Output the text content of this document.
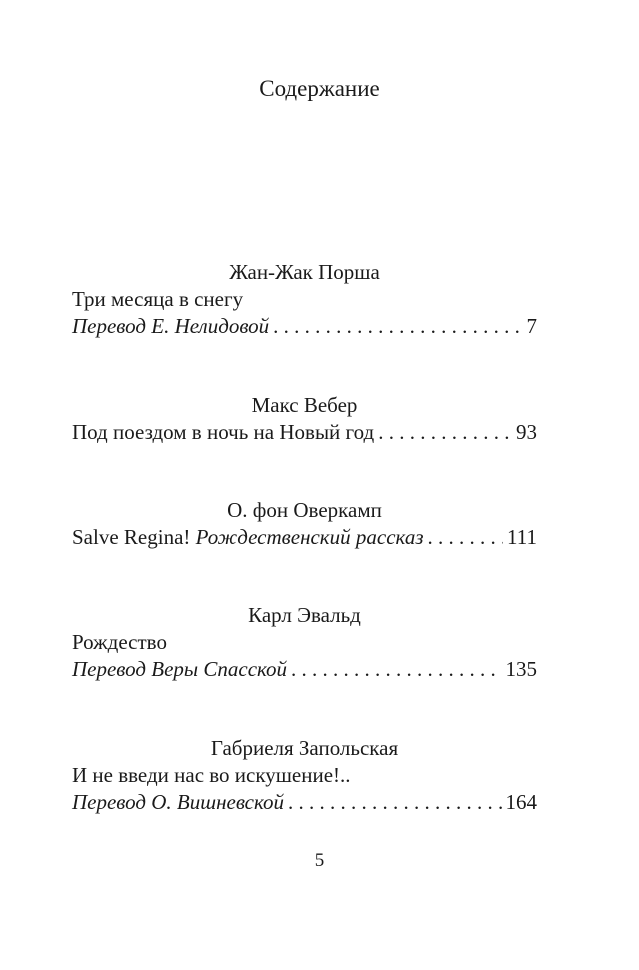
Содержание
Жан-Жак Порша
Три месяца в снегу
Перевод Е. Нелидовой . . .	7
Макс Вебер
Под поездом в ночь на Новый год . . .	93
О. фон Оверкамп
Salve Regina!
Рождественский рассказ . . .	111
Карл Эвальд
Рождество
Перевод Веры Спасской . . .	135
Габриеля Запольская
И не введи нас во искушение!..
Перевод О. Вишневской . . .	164
5
